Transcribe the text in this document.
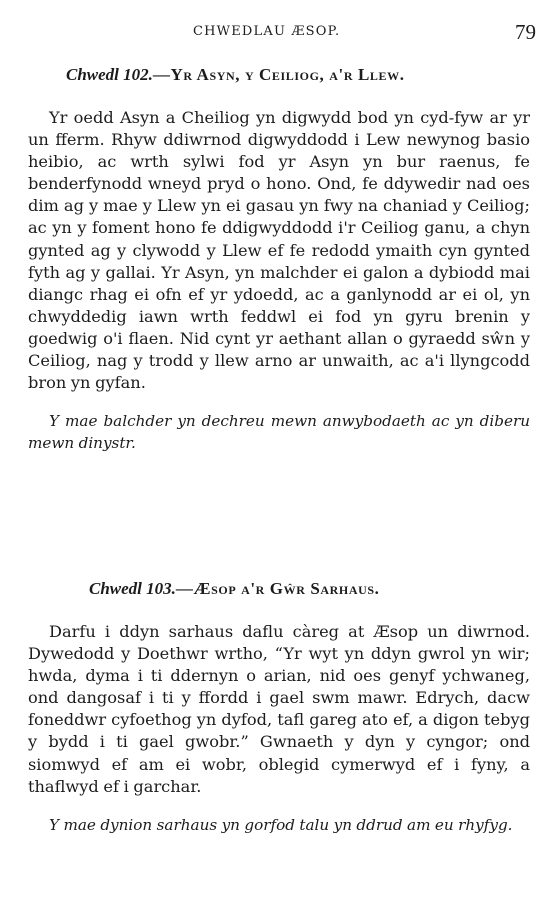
CHWEDLAU ÆSOP.	79
Chwedl 102.—Yr Asyn, y Ceiliog, a'r Llew.

Yr oedd Asyn a Cheiliog yn digwydd bod yn cyd-fyw ar yr un fferm. Rhyw ddiwrnod digwyddodd i Lew newynog basio heibio, ac wrth sylwi fod yr Asyn yn bur raenus, fe benderfynodd wneyd pryd o hono. Ond, fe ddywedir nad oes dim ag y mae y Llew yn ei gasau yn fwy na chaniad y Ceiliog; ac yn y foment hono fe ddigwyddodd i'r Ceiliog ganu, a chyn gynted ag y clywodd y Llew ef fe redodd ymaith cyn gynted fyth ag y gallai. Yr Asyn, yn malchder ei galon a dybiodd mai diangc rhag ei ofn ef yr ydoedd, ac a ganlynodd ar ei ol, yn chwyddedig iawn wrth feddwl ei fod yn gyru brenin y goedwig o'i flaen. Nid cynt yr aethant allan o gyraedd sŵn y Ceiliog, nag y trodd y llew arno ar unwaith, ac a'i llyngcodd bron yn gyfan.

Y mae balchder yn dechreu mewn anwybodaeth ac yn diberu mewn dinystr.

Chwedl 103.—Æsop a'r Gŵr Sarhaus.

Darfu i ddyn sarhaus daflu càreg at Æsop un diwrnod. Dywedodd y Doethwr wrtho, “Yr wyt yn ddyn gwrol yn wir; hwda, dyma i ti ddernyn o arian, nid oes genyf ychwaneg, ond dangosaf i ti y ffordd i gael swm mawr. Edrych, dacw foneddwr cyfoethog yn dyfod, tafl gareg ato ef, a digon tebyg y bydd i ti gael gwobr.” Gwnaeth y dyn y cyngor; ond siomwyd ef am ei wobr, oblegid cymerwyd ef i fyny, a thaflwyd ef i garchar.

Y mae dynion sarhaus yn gorfod talu yn ddrud am eu rhyfyg.
